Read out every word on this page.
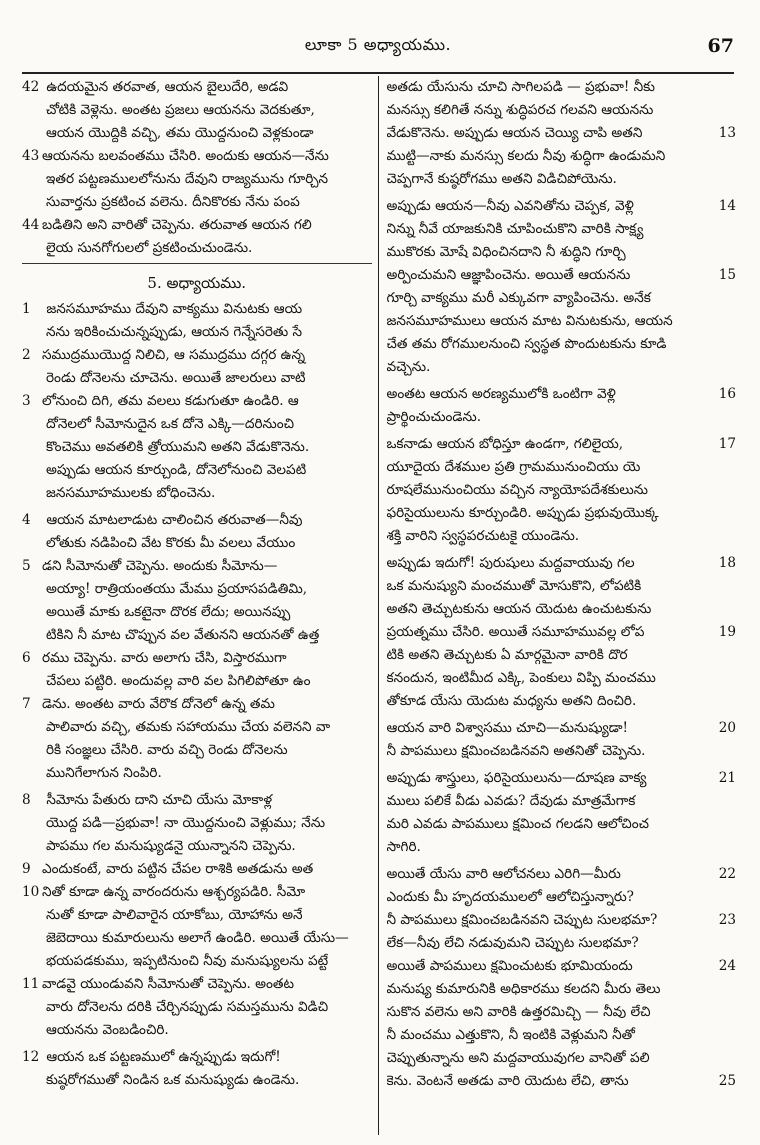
లూకా 5 అధ్యాయము.	67
42 ఉదయమైన తరవాత, ఆయన బైలుదేరి, అడవి
చోటికి వెళ్లెను. అంతట ప్రజలు ఆయనను వెదకుతూ,
ఆయన యొద్దికి వచ్చి, తమ యొద్దనుంచి వెళ్లకుండా
43 ఆయనను బలవంతము చేసిరి. అందుకు ఆయన—నేను
ఇతర పట్టణములలోనును దేవుని రాజ్యమును గూర్చిన
సువార్తను ప్రకటించ వలెను. దీనికొరకు నేను పంప
44 బడితిని అని వారితో చెప్పెను. తరువాత ఆయన గలి
లైయ సునగోగులలో ప్రకటించుచుండెను.
5. అధ్యాయము.
1 జనసమూహము దేవుని వాక్యము వినుటకు ఆయ
నను ఇరికించుచున్నప్పుడు, ఆయన గెన్నేసరెతు సే
2 సముద్రముయొద్ద నిలిచి, ఆ సముద్రము దగ్గర ఉన్న
రెండు దోనెలను చూచెను. అయితే జాలరులు వాటి
3 లోనుంచి దిగి, తమ వలలు కడుగుతూ ఉండిరి. ఆ
దోనెలలో సీమోనుదైన ఒక దోనె ఎక్కి—దరినుంచి
కొంచెము అవతలికి త్రోయుమని అతని వేడుకొనెను.
అప్పుడు ఆయన కూర్చుండి, దోనెలోనుంచి వెలపటి
జనసమూహములకు బోధించెను.
4 ఆయన మాటలాడుట చాలించిన తరువాత—నీవు
లోతుకు నడిపించి వేట కొరకు మీ వలలు వేయుం
5 డని సీమోనుతో చెప్పెను. అందుకు సీమోను—
అయ్యా! రాత్రియంతయు మేము ప్రయాసపడితిమి,
అయితే మాకు ఒకటైనా దొరక లేదు; అయినప్పు
టికిని నీ మాట చొప్పున వల వేతునని ఆయనతో ఉత్త
6 రము చెప్పెను. వారు అలాగు చేసి, విస్తారముగా
చేపలు పట్టిరి. అందువల్ల వారి వల పిగిలిపోతూ ఉం
7 డెను. అంతట వారు వేరొక దోనెలో ఉన్న తమ
పాలివారు వచ్చి, తమకు సహాయము చేయ వలెనని వా
రికి సంజ్ఞలు చేసిరి. వారు వచ్చి రెండు దోనెలను
మునిగేలాగున నింపిరి.
8 సీమోను పేతురు దాని చూచి యేసు మోకాళ్ల
యొద్ద పడి—ప్రభువా! నా యొద్దనుంచి వెళ్లుము; నేను
పాపము గల మనుష్యుడనై యున్నానని చెప్పెను.
9 ఎందుకంటే, వారు పట్టిన చేపల రాశికి అతడును అత
10 నితో కూడా ఉన్న వారందరును ఆశ్చర్యపడిరి. సీమో
నుతో కూడా పాలివారైన యాకోబు, యోహాను అనే
జెబెదాయి కుమారులును అలాగే ఉండిరి. అయితే యేసు—
భయపడకుము, ఇప్పటినుంచి నీవు మనుష్యులను పట్టే
11 వాడవై యుండువని సీమోనుతో చెప్పెను. అంతట
వారు దోనెలను దరికి చేర్చినప్పుడు సమస్తమును విడిచి
ఆయనను వెంబడించిరి.
12 ఆయన ఒక పట్టణములో ఉన్నప్పుడు ఇదుగో!
కుష్ఠరోగముతో నిండిన ఒక మనుష్యుడు ఉండెను.
అతడు యేసును చూచి సాగిలపడి — ప్రభువా! నీకు
మనస్సు కలిగితే నన్ను శుద్ధిపరచ గలవని ఆయనను
వేడుకొనెను. అప్పుడు ఆయన చెయ్యి చాపి అతని	13
ముట్టి—నాకు మనస్సు కలదు నీవు శుద్ధిగా ఉండుమని
చెప్పగానే కుష్ఠరోగము అతని విడిచిపోయెను.
అప్పుడు ఆయన—నీవు ఎవనితోను చెప్పక, వెళ్లి	14
నిన్ను నీవే యాజకునికి చూపించుకొని వారికి సాక్ష్య
ముకొరకు మోషే విధించినదాని నీ శుద్ధిని గూర్చి
అర్పించుమని ఆజ్ఞాపించెను. అయితే ఆయనను	15
గూర్చి వాక్యము మరీ ఎక్కువగా వ్యాపించెను. అనేక
జనసమూహములు ఆయన మాట వినుటకును, ఆయన
చేత తమ రోగములనుంచి స్వస్థత పొందుటకును కూడి
వచ్చెను.
అంతట ఆయన అరణ్యములోకి ఒంటిగా వెళ్లి	16
ప్రార్థించుచుండెను.
ఒకనాడు ఆయన బోధిస్తూ ఉండగా, గలిలైయ,	17
యూదైయ దేశముల ప్రతి గ్రామమునుంచియు యె
రూషలేమునుంచియు వచ్చిన న్యాయోపదేశకులును
ఫరిసైయులును కూర్చుండిరి. అప్పుడు ప్రభువుయొక్క
శక్తి వారిని స్వస్థపరచుటకై యుండెను.
అప్పుడు ఇదుగో! పురుషులు మద్దవాయువు గల	18
ఒక మనుష్యుని మంచముతో మోసుకొని, లోపటికి
అతని తెచ్చుటకును ఆయన యెదుట ఉంచుటకును
ప్రయత్నము చేసిరి. అయితే సమూహమువల్ల లోప	19
టికి అతని తెచ్చుటకు ఏ మార్గమైనా వారికి దొర
కనందున, ఇంటిమీద ఎక్కి, పెంకులు విప్పి మంచము
తోకూడ యేసు యెదుట మధ్యను అతని దించిరి.
ఆయన వారి విశ్వాసము చూచి—మనుష్యుడా!	20
నీ పాపములు క్షమించబడినవని అతనితో చెప్పెను.
అప్పుడు శాస్త్రులు, ఫరిసైయులును—దూషణ వాక్య	21
ములు పలికే వీడు ఎవడు? దేవుడు మాత్రమేగాక
మరి ఎవడు పాపములు క్షమించ గలడని ఆలోచించ
సాగిరి.
అయితే యేసు వారి ఆలోచనలు ఎరిగి—మీరు	22
ఎందుకు మీ హృదయములలో ఆలోచిస్తున్నారు?
నీ పాపములు క్షమించబడినవని చెప్పుట సులభమా?	23
లేక—నీవు లేచి నడువుమని చెప్పుట సులభమా?
అయితే పాపములు క్షమించుటకు భూమియందు	24
మనుష్య కుమారునికి అధికారము కలదని మీరు తెలు
సుకొన వలెను అని వారికి ఉత్తరమిచ్చి — నీవు లేచి
నీ మంచము ఎత్తుకొని, నీ ఇంటికి వెళ్లుమని నీతో
చెప్పుతున్నాను అని మద్దవాయువుగల వానితో పలి
కెను. వెంటనే అతడు వారి యెదుట లేచి, తాను	25
